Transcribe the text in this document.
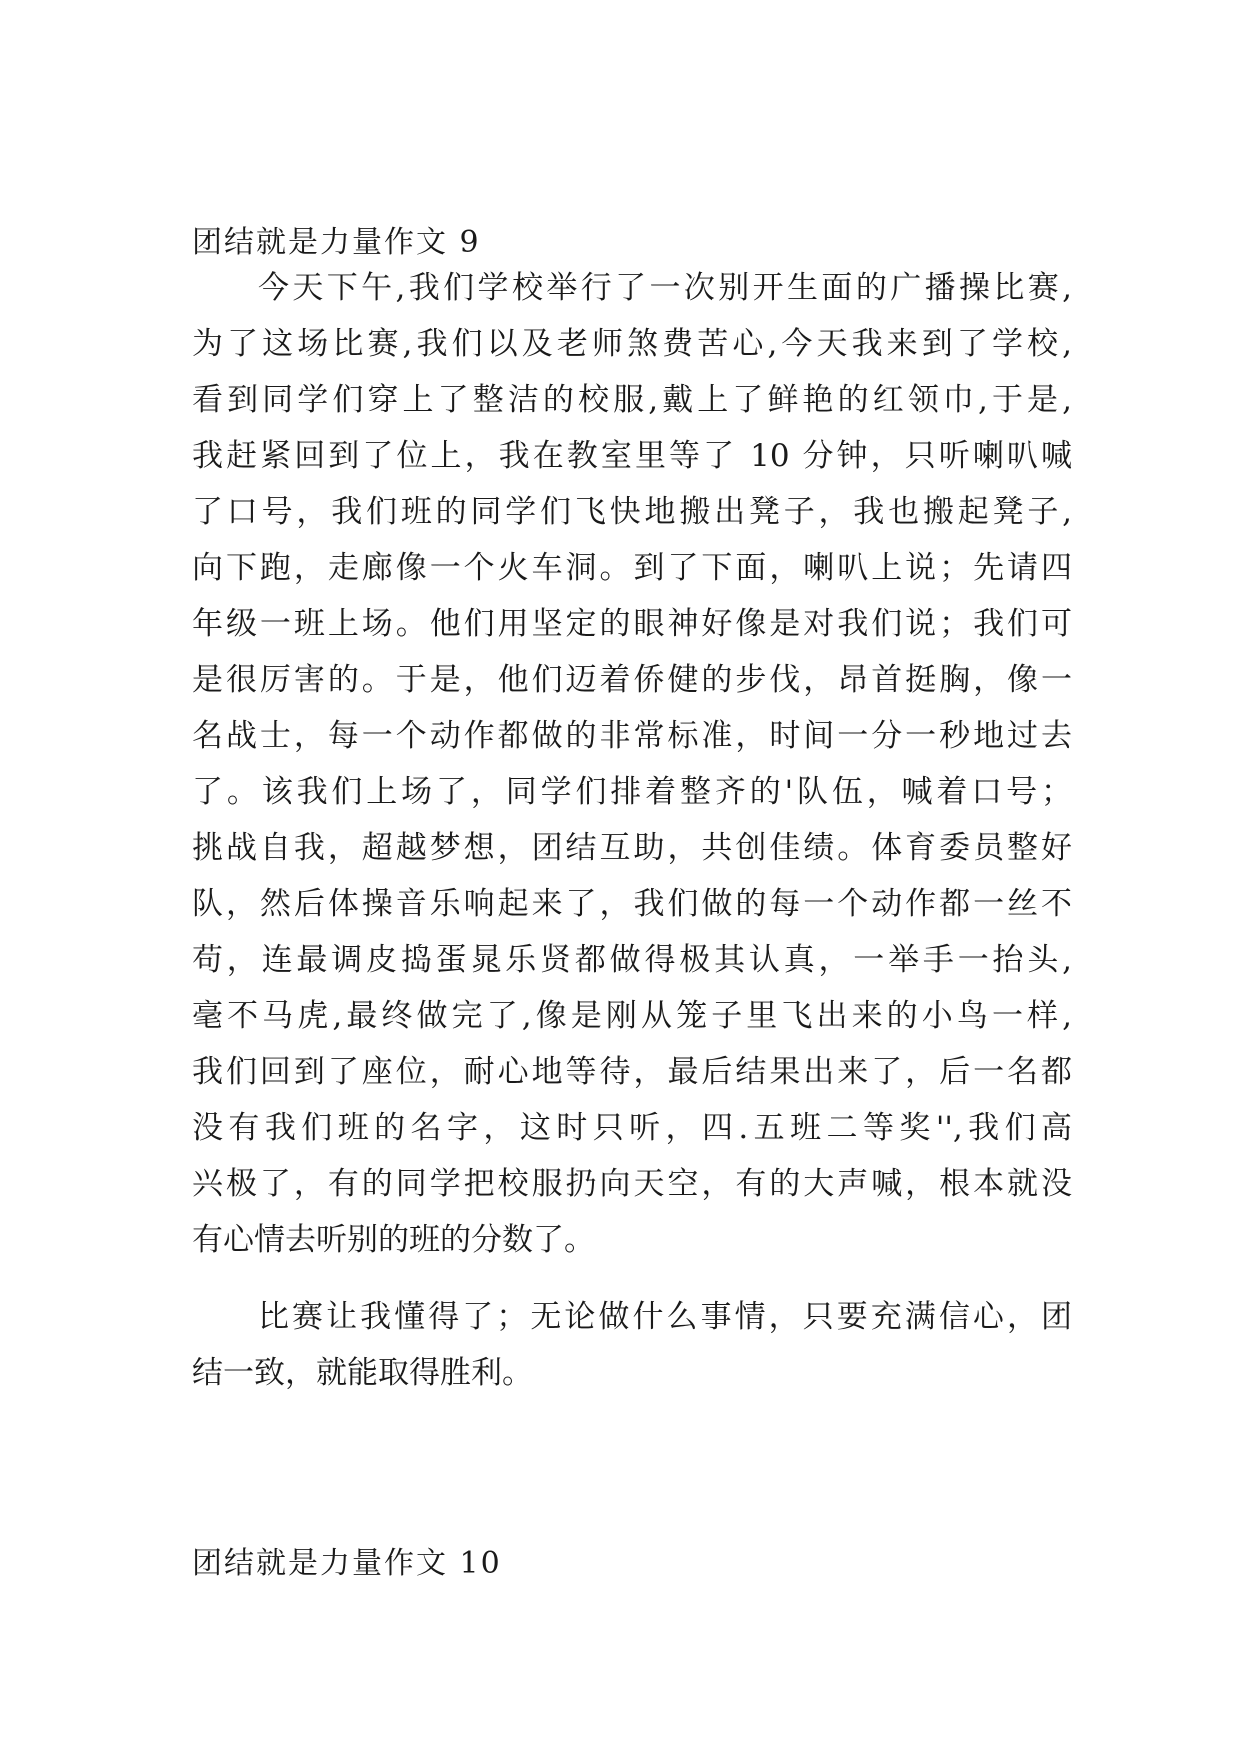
团结就是力量作文 9
今天下午,我们学校举行了一次别开生面的广播操比赛,
为了这场比赛,我们以及老师煞费苦心,今天我来到了学校,
看到同学们穿上了整洁的校服,戴上了鲜艳的红领巾,于是,
我赶紧回到了位上，我在教室里等了 10 分钟，只听喇叭喊
了口号，我们班的同学们飞快地搬出凳子，我也搬起凳子,
向下跑，走廊像一个火车洞。到了下面，喇叭上说；先请四
年级一班上场。他们用坚定的眼神好像是对我们说；我们可
是很厉害的。于是，他们迈着侨健的步伐，昂首挺胸，像一
名战士，每一个动作都做的非常标准，时间一分一秒地过去
了。该我们上场了，同学们排着整齐的'队伍，喊着口号；
挑战自我，超越梦想，团结互助，共创佳绩。体育委员整好
队，然后体操音乐响起来了，我们做的每一个动作都一丝不
苟，连最调皮捣蛋晁乐贤都做得极其认真，一举手一抬头,
毫不马虎,最终做完了,像是刚从笼子里飞出来的小鸟一样,
我们回到了座位，耐心地等待，最后结果出来了，后一名都
没有我们班的名字，这时只听，四.五班二等奖'',我们高
兴极了，有的同学把校服扔向天空，有的大声喊，根本就没
有心情去听别的班的分数了。
比赛让我懂得了；无论做什么事情，只要充满信心，团
结一致，就能取得胜利。
团结就是力量作文 10
